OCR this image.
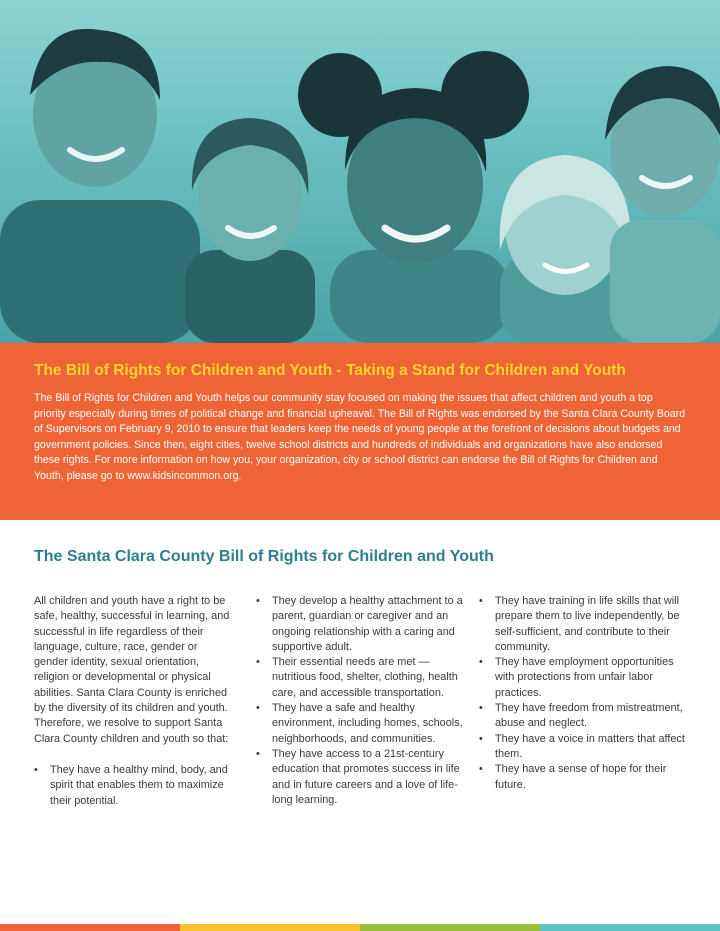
The Bill of Rights for Children and Youth - Taking a Stand for Children and Youth

The Bill of Rights for Children and Youth helps our community stay focused on making the issues that affect children and youth a top priority especially during times of political change and financial upheaval. The Bill of Rights was endorsed by the Santa Clara County Board of Supervisors on February 9, 2010 to ensure that leaders keep the needs of young people at the forefront of decisions about budgets and government policies. Since then, eight cities, twelve school districts and hundreds of individuals and organizations have also endorsed these rights. For more information on how you, your organization, city or school district can endorse the Bill of Rights for Children and Youth, please go to www.kidsincommon.org.

The Santa Clara County Bill of Rights for Children and Youth

All children and youth have a right to be safe, healthy, successful in learning, and successful in life regardless of their language, culture, race, gender or gender identity, sexual orientation, religion or developmental or physical abilities. Santa Clara County is enriched by the diversity of its children and youth. Therefore, we resolve to support Santa Clara County children and youth so that:

• They have a healthy mind, body, and spirit that enables them to maximize their potential.
• They develop a healthy attachment to a parent, guardian or caregiver and an ongoing relationship with a caring and supportive adult.
• Their essential needs are met — nutritious food, shelter, clothing, health care, and accessible transportation.
• They have a safe and healthy environment, including homes, schools, neighborhoods, and communities.
• They have access to a 21st-century education that promotes success in life and in future careers and a love of life-long learning.
• They have training in life skills that will prepare them to live independently, be self-sufficient, and contribute to their community.
• They have employment opportunities with protections from unfair labor practices.
• They have freedom from mistreatment, abuse and neglect.
• They have a voice in matters that affect them.
• They have a sense of hope for their future.
